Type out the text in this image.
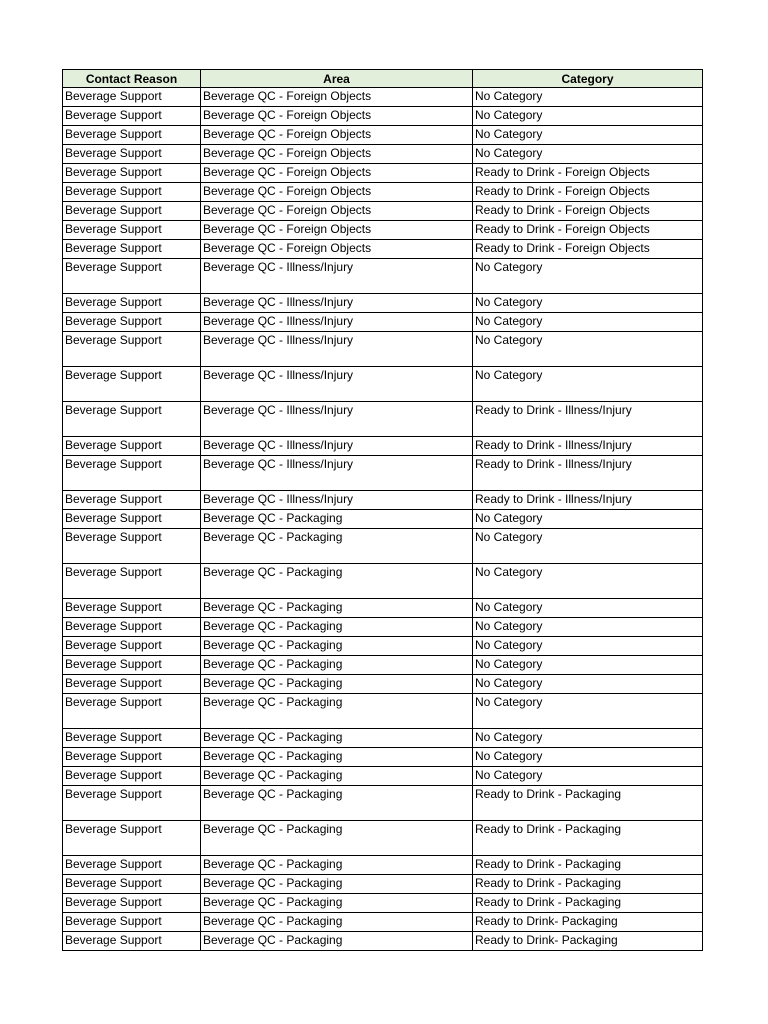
Contact Reason	Area	Category
Beverage Support	Beverage QC - Foreign Objects	No Category
Beverage Support	Beverage QC - Foreign Objects	No Category
Beverage Support	Beverage QC - Foreign Objects	No Category
Beverage Support	Beverage QC - Foreign Objects	No Category
Beverage Support	Beverage QC - Foreign Objects	Ready to Drink - Foreign Objects
Beverage Support	Beverage QC - Foreign Objects	Ready to Drink - Foreign Objects
Beverage Support	Beverage QC - Foreign Objects	Ready to Drink - Foreign Objects
Beverage Support	Beverage QC - Foreign Objects	Ready to Drink - Foreign Objects
Beverage Support	Beverage QC - Foreign Objects	Ready to Drink - Foreign Objects
Beverage Support	Beverage QC - Illness/Injury	No Category
Beverage Support	Beverage QC - Illness/Injury	No Category
Beverage Support	Beverage QC - Illness/Injury	No Category
Beverage Support	Beverage QC - Illness/Injury	No Category
Beverage Support	Beverage QC - Illness/Injury	No Category
Beverage Support	Beverage QC - Illness/Injury	Ready to Drink - Illness/Injury
Beverage Support	Beverage QC - Illness/Injury	Ready to Drink - Illness/Injury
Beverage Support	Beverage QC - Illness/Injury	Ready to Drink - Illness/Injury
Beverage Support	Beverage QC - Illness/Injury	Ready to Drink - Illness/Injury
Beverage Support	Beverage QC - Packaging	No Category
Beverage Support	Beverage QC - Packaging	No Category
Beverage Support	Beverage QC - Packaging	No Category
Beverage Support	Beverage QC - Packaging	No Category
Beverage Support	Beverage QC - Packaging	No Category
Beverage Support	Beverage QC - Packaging	No Category
Beverage Support	Beverage QC - Packaging	No Category
Beverage Support	Beverage QC - Packaging	No Category
Beverage Support	Beverage QC - Packaging	No Category
Beverage Support	Beverage QC - Packaging	No Category
Beverage Support	Beverage QC - Packaging	No Category
Beverage Support	Beverage QC - Packaging	No Category
Beverage Support	Beverage QC - Packaging	Ready to Drink - Packaging
Beverage Support	Beverage QC - Packaging	Ready to Drink - Packaging
Beverage Support	Beverage QC - Packaging	Ready to Drink - Packaging
Beverage Support	Beverage QC - Packaging	Ready to Drink - Packaging
Beverage Support	Beverage QC - Packaging	Ready to Drink - Packaging
Beverage Support	Beverage QC - Packaging	Ready to Drink- Packaging
Beverage Support	Beverage QC - Packaging	Ready to Drink- Packaging
